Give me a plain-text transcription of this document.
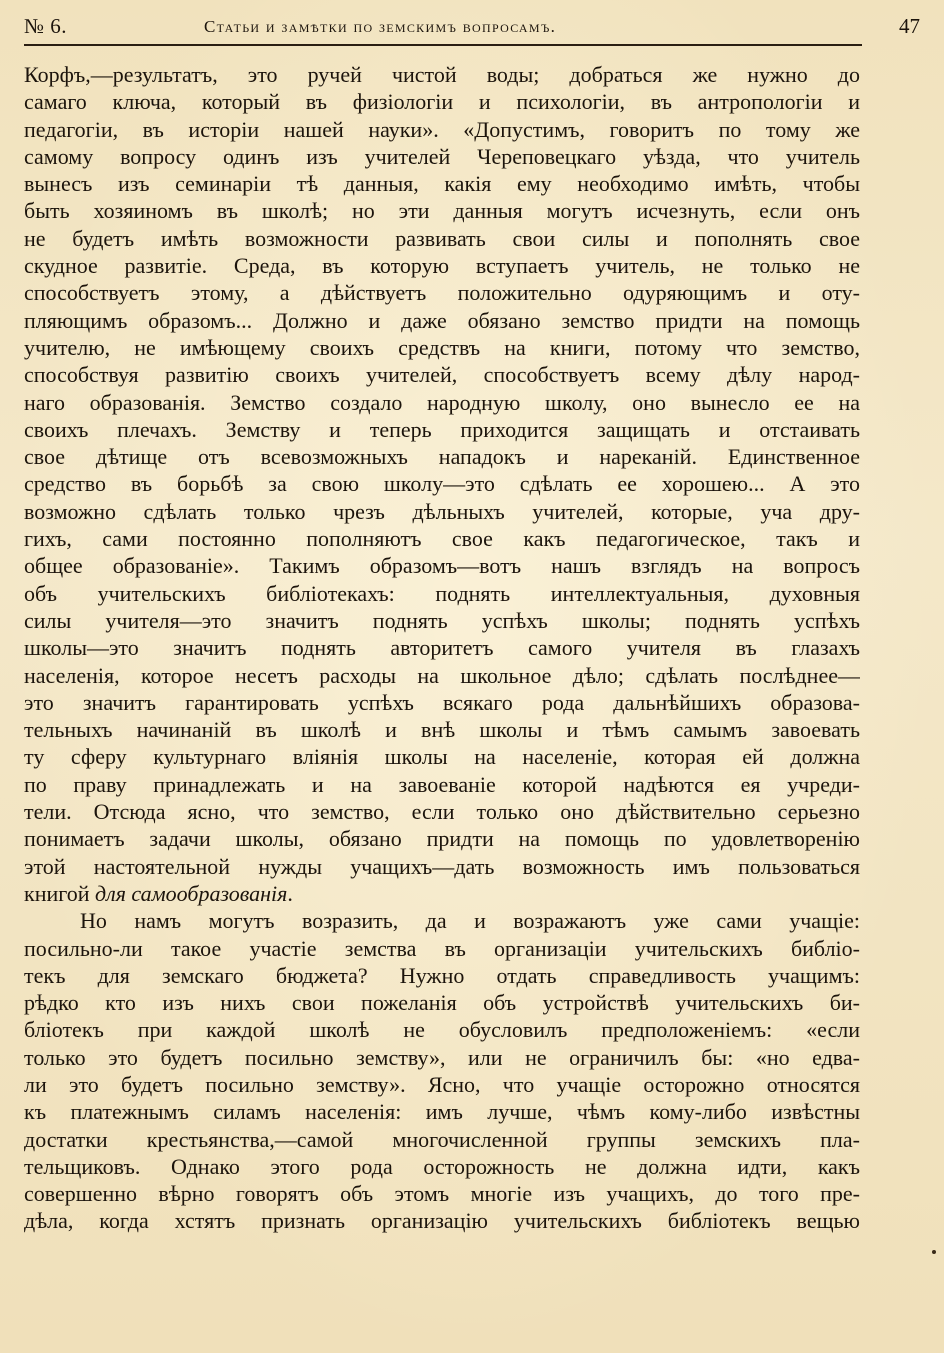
№ 6.	Статьи и замѣтки по земскимъ вопросамъ.	47
Корфъ,—результатъ, это ручей чистой воды; добраться же нужно до
самаго ключа, который въ физіологіи и психологіи, въ антропологіи и
педагогіи, въ исторіи нашей науки». «Допустимъ, говоритъ по тому же
самому вопросу одинъ изъ учителей Череповецкаго уѣзда, что учитель
вынесъ изъ семинаріи тѣ данныя, какія ему необходимо имѣть, чтобы
быть хозяиномъ въ школѣ; но эти данныя могутъ исчезнуть, если онъ
не будетъ имѣть возможности развивать свои силы и пополнять свое
скудное развитіе. Среда, въ которую вступаетъ учитель, не только не
способствуетъ этому, а дѣйствуетъ положительно одуряющимъ и оту-
пляющимъ образомъ... Должно и даже обязано земство придти на помощь
учителю, не имѣющему своихъ средствъ на книги, потому что земство,
способствуя развитію своихъ учителей, способствуетъ всему дѣлу народ-
наго образованія. Земство создало народную школу, оно вынесло ее на
своихъ плечахъ. Земству и теперь приходится защищать и отстаивать
свое дѣтище отъ всевозможныхъ нападокъ и нареканій. Единственное
средство въ борьбѣ за свою школу—это сдѣлать ее хорошею... А это
возможно сдѣлать только чрезъ дѣльныхъ учителей, которые, уча дру-
гихъ, сами постоянно пополняютъ свое какъ педагогическое, такъ и
общее образованіе». Такимъ образомъ—вотъ нашъ взглядъ на вопросъ
объ учительскихъ библіотекахъ: поднять интеллектуальныя, духовныя
силы учителя—это значитъ поднять успѣхъ школы; поднять успѣхъ
школы—это значитъ поднять авторитетъ самого учителя въ глазахъ
населенія, которое несетъ расходы на школьное дѣло; сдѣлать послѣднее—
это значитъ гарантировать успѣхъ всякаго рода дальнѣйшихъ образова-
тельныхъ начинаній въ школѣ и внѣ школы и тѣмъ самымъ завоевать
ту сферу культурнаго вліянія школы на населеніе, которая ей должна
по праву принадлежать и на завоеваніе которой надѣются ея учреди-
тели. Отсюда ясно, что земство, если только оно дѣйствительно серьезно
понимаетъ задачи школы, обязано придти на помощь по удовлетворенію
этой настоятельной нужды учащихъ—дать возможность имъ пользоваться
книгой для самообразованія.
Но намъ могутъ возразить, да и возражаютъ уже сами учащіе:
посильно-ли такое участіе земства въ организаціи учительскихъ библіо-
текъ для земскаго бюджета? Нужно отдать справедливость учащимъ:
рѣдко кто изъ нихъ свои пожеланія объ устройствѣ учительскихъ би-
бліотекъ при каждой школѣ не обусловилъ предположеніемъ: «если
только это будетъ посильно земству», или не ограничилъ бы: «но едва-
ли это будетъ посильно земству». Ясно, что учащіе осторожно относятся
къ платежнымъ силамъ населенія: имъ лучше, чѣмъ кому-либо извѣстны
достатки крестьянства,—самой многочисленной группы земскихъ пла-
тельщиковъ. Однако этого рода осторожность не должна идти, какъ
совершенно вѣрно говорятъ объ этомъ многіе изъ учащихъ, до того пре-
дѣла, когда хстятъ признать организацію учительскихъ библіотекъ вещью
